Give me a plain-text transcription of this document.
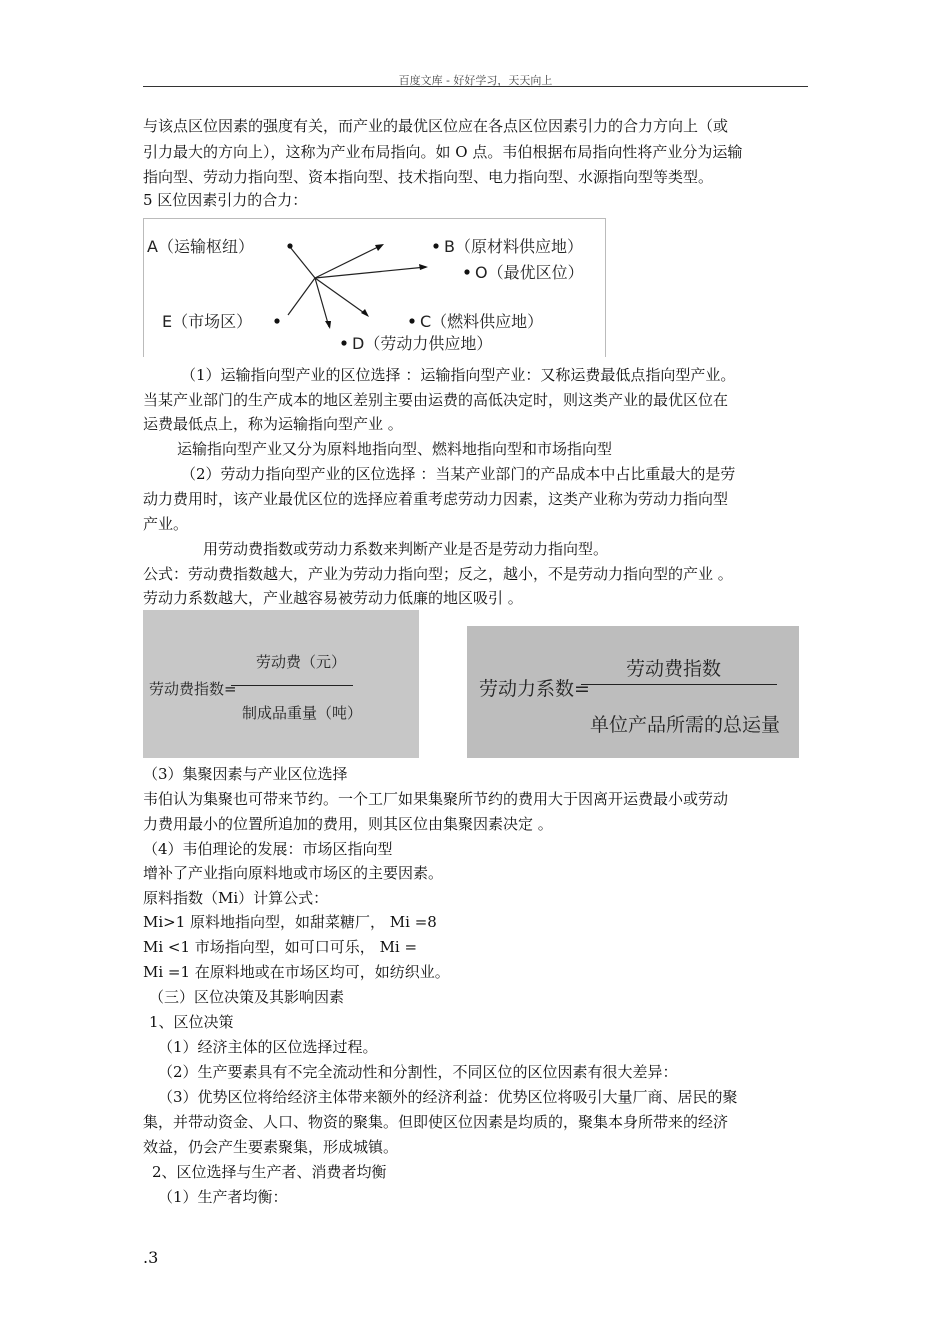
百度文库 - 好好学习，天天向上
与该点区位因素的强度有关，而产业的最优区位应在各点区位因素引力的合力方向上（或
引力最大的方向上），这称为产业布局指向。如 O 点。韦伯根据布局指向性将产业分为运输
指向型、劳动力指向型、资本指向型、技术指向型、电力指向型、水源指向型等类型。
5 区位因素引力的合力：
A（运输枢纽）	B（原材料供应地）
O（最优区位）
E（市场区）	C（燃料供应地）
D（劳动力供应地）
（1）运输指向型产业的区位选择 ：运输指向型产业：又称运费最低点指向型产业。
当某产业部门的生产成本的地区差别主要由运费的高低决定时，则这类产业的最优区位在
运费最低点上，称为运输指向型产业 。
运输指向型产业又分为原料地指向型、燃料地指向型和市场指向型
（2）劳动力指向型产业的区位选择 ：当某产业部门的产品成本中占比重最大的是劳
动力费用时，该产业最优区位的选择应着重考虑劳动力因素，这类产业称为劳动力指向型
产业。
用劳动费指数或劳动力系数来判断产业是否是劳动力指向型。
公式：劳动费指数越大，产业为劳动力指向型；反之，越小，不是劳动力指向型的产业 。
劳动力系数越大，产业越容易被劳动力低廉的地区吸引 。
劳动费指数=
劳动费（元）
制成品重量（吨）
劳动力系数=
劳动费指数
单位产品所需的总运量
（3）集聚因素与产业区位选择
韦伯认为集聚也可带来节约。一个工厂如果集聚所节约的费用大于因离开运费最小或劳动
力费用最小的位置所追加的费用，则其区位由集聚因素决定 。
（4）韦伯理论的发展：市场区指向型
增补了产业指向原料地或市场区的主要因素。
原料指数（Mi）计算公式：
Mi>1 原料地指向型，如甜菜糖厂， Mi =8
Mi <1 市场指向型，如可口可乐， Mi =
Mi =1 在原料地或在市场区均可，如纺织业。
（三）区位决策及其影响因素
1、区位决策
（1）经济主体的区位选择过程。
（2）生产要素具有不完全流动性和分割性，不同区位的区位因素有很大差异：
（3）优势区位将给经济主体带来额外的经济利益：优势区位将吸引大量厂商、居民的聚
集，并带动资金、人口、物资的聚集。但即使区位因素是均质的，聚集本身所带来的经济
效益，仍会产生要素聚集，形成城镇。
2、区位选择与生产者、消费者均衡
（1）生产者均衡：
.3
